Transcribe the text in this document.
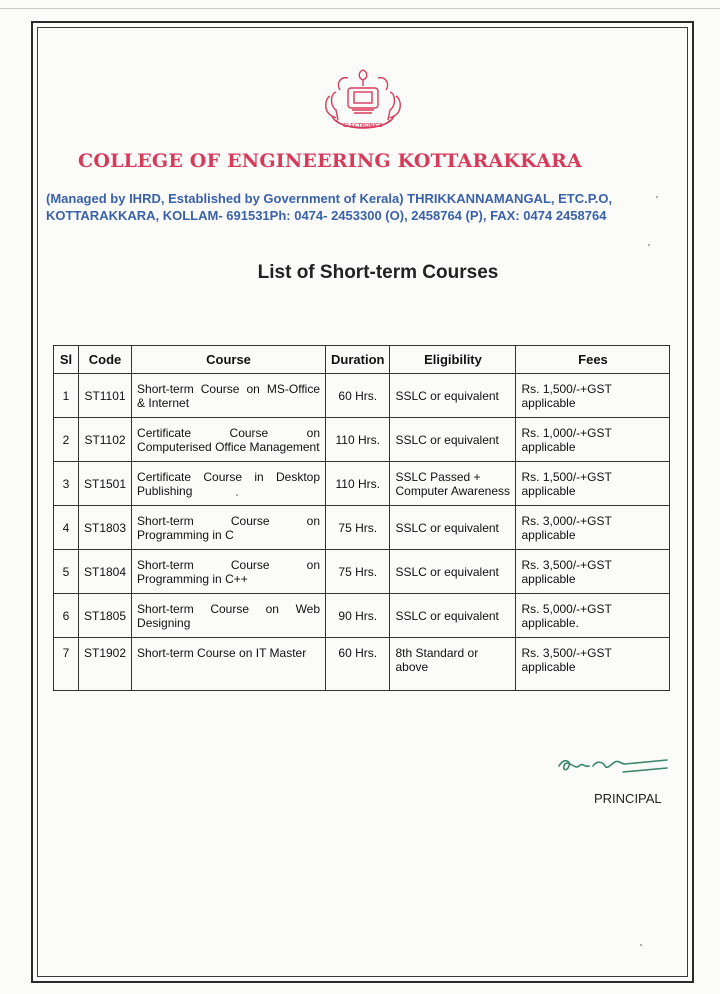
ELECTRONICS
COLLEGE OF ENGINEERING KOTTARAKKARA
(Managed by IHRD, Established by Government of Kerala) THRIKKANNAMANGAL, ETC.P.O,
KOTTARAKKARA, KOLLAM- 691531Ph: 0474- 2453300 (O), 2458764 (P), FAX: 0474 2458764
List of Short-term Courses
Sl	Code	Course	Duration	Eligibility	Fees
1	ST1101	Short-term Course on MS-Office & Internet	60 Hrs.	SSLC or equivalent	Rs. 1,500/-+GST applicable
2	ST1102	Certificate Course on Computerised Office Management	110 Hrs.	SSLC or equivalent	Rs. 1,000/-+GST applicable
3	ST1501	Certificate Course in Desktop Publishing	110 Hrs.	SSLC Passed + Computer Awareness	Rs. 1,500/-+GST applicable
4	ST1803	Short-term Course on Programming in C	75 Hrs.	SSLC or equivalent	Rs. 3,000/-+GST applicable
5	ST1804	Short-term Course on Programming in C++	75 Hrs.	SSLC or equivalent	Rs. 3,500/-+GST applicable
6	ST1805	Short-term Course on Web Designing	90 Hrs.	SSLC or equivalent	Rs. 5,000/-+GST applicable.
7	ST1902	Short-term Course on IT Master	60 Hrs.	8th Standard or above	Rs. 3,500/-+GST applicable
PRINCIPAL
